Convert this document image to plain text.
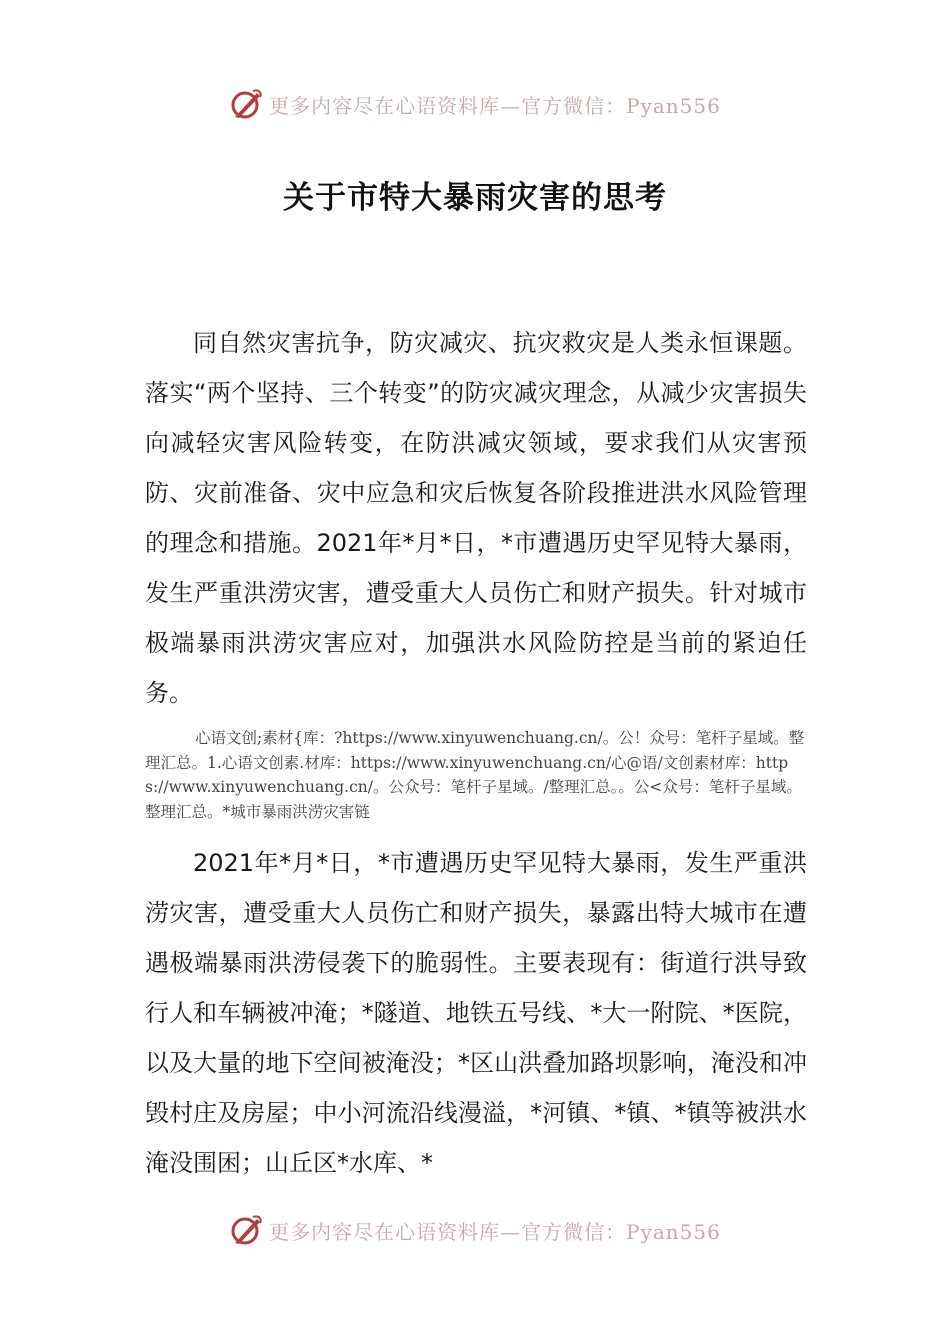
更多内容尽在心语资料库—官方微信：Pyan556
关于市特大暴雨灾害的思考

同自然灾害抗争，防灾减灾、抗灾救灾是人类永恒课题。落实“两个坚持、三个转变”的防灾减灾理念，从减少灾害损失向减轻灾害风险转变，在防洪减灾领域，要求我们从灾害预防、灾前准备、灾中应急和灾后恢复各阶段推进洪水风险管理的理念和措施。2021年*月*日，*市遭遇历史罕见特大暴雨，发生严重洪涝灾害，遭受重大人员伤亡和财产损失。针对城市极端暴雨洪涝灾害应对，加强洪水风险防控是当前的紧迫任务。

心语文创;素材{库：?https://www.xinyuwenchuang.cn/。公！众号：笔杆子星域。整理汇总。1.心语文创素.材库：https://www.xinyuwenchuang.cn/心@语/文创素材库：https://www.xinyuwenchuang.cn/。公众号：笔杆子星域。/整理汇总。。公<众号：笔杆子星域。整理汇总。*城市暴雨洪涝灾害链

2021年*月*日，*市遭遇历史罕见特大暴雨，发生严重洪涝灾害，遭受重大人员伤亡和财产损失，暴露出特大城市在遭遇极端暴雨洪涝侵袭下的脆弱性。主要表现有：街道行洪导致行人和车辆被冲淹；*隧道、地铁五号线、*大一附院、*医院，以及大量的地下空间被淹没；*区山洪叠加路坝影响，淹没和冲毁村庄及房屋；中小河流沿线漫溢，*河镇、*镇、*镇等被洪水淹没围困；山丘区*水库、*

更多内容尽在心语资料库—官方微信：Pyan556
